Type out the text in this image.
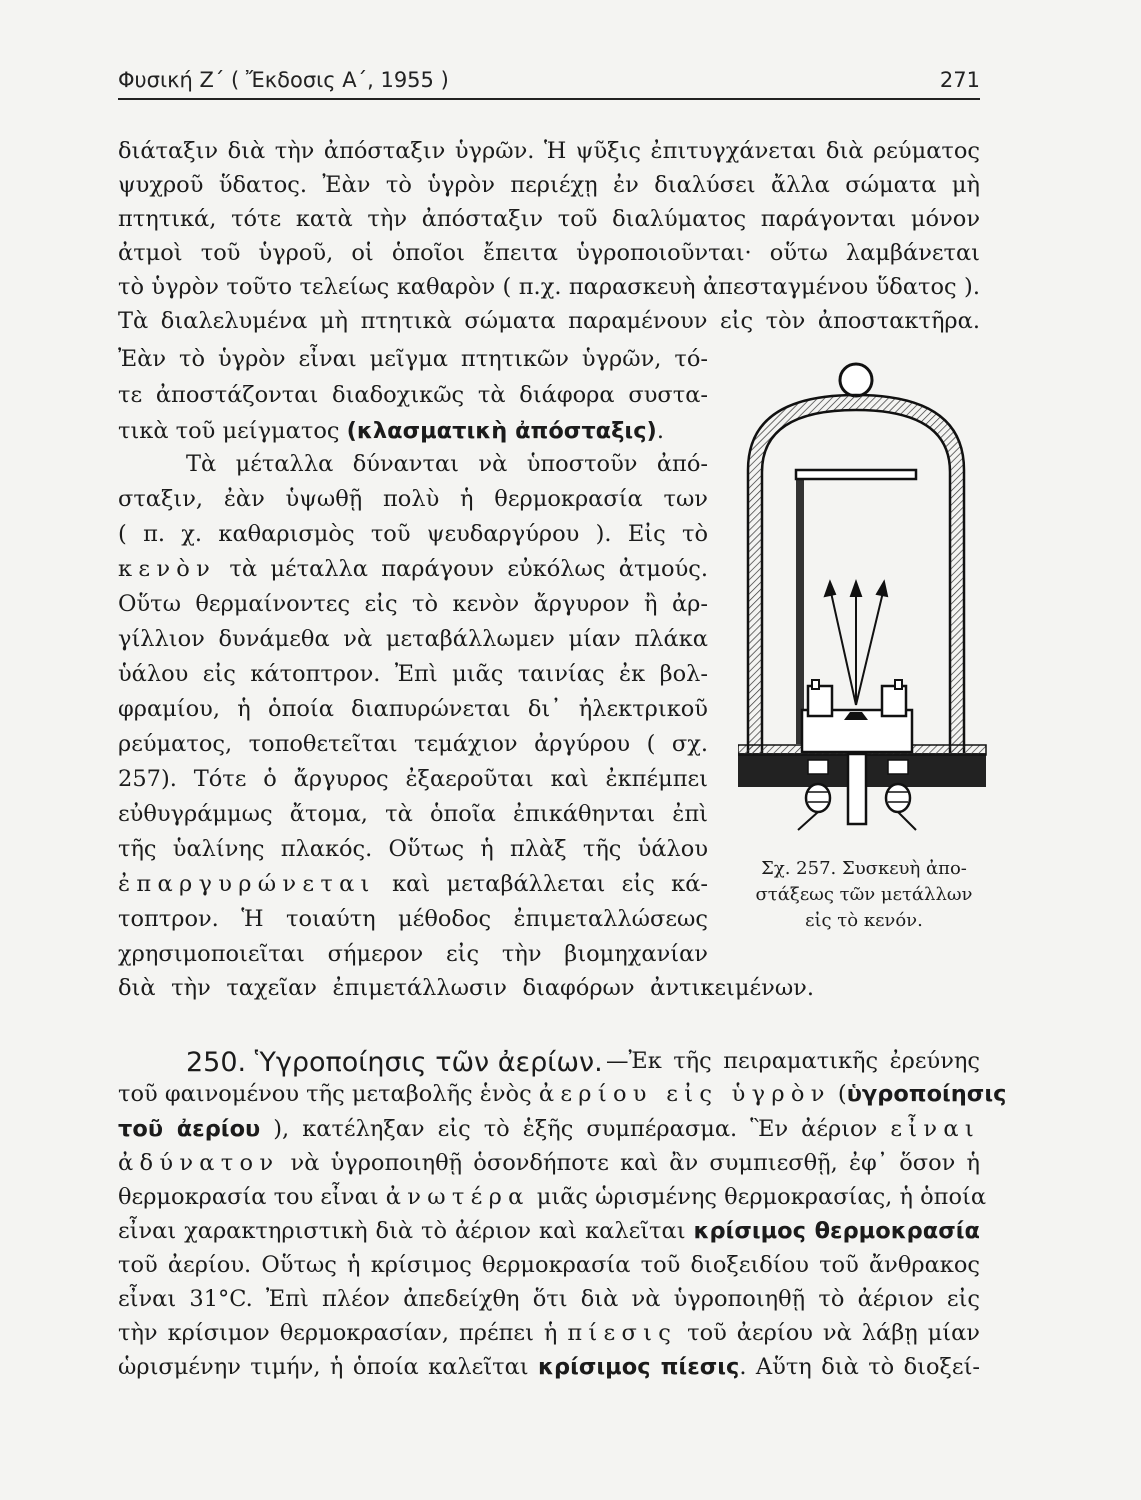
Φυσική Ζ΄ ( Ἔκδοσις Α΄, 1955 )	271
διάταξιν διὰ τὴν ἀπόσταξιν ὑγρῶν. Ἡ ψῦξις ἐπιτυγχάνεται διὰ ρεύματος
ψυχροῦ ὕδατος. Ἐὰν τὸ ὑγρὸν περιέχῃ ἐν διαλύσει ἄλλα σώματα μὴ
πτητικά, τότε κατὰ τὴν ἀπόσταξιν τοῦ διαλύματος παράγονται μόνον
ἀτμοὶ τοῦ ὑγροῦ, οἱ ὁποῖοι ἔπειτα ὑγροποιοῦνται· οὕτω λαμβάνεται
τὸ ὑγρὸν τοῦτο τελείως καθαρὸν ( π.χ. παρασκευὴ ἀπεσταγμένου ὕδατος ).
Τὰ διαλελυμένα μὴ πτητικὰ σώματα παραμένουν εἰς τὸν ἀποστακτῆρα.
Ἐὰν τὸ ὑγρὸν εἶναι μεῖγμα πτητικῶν ὑγρῶν, τό-
τε ἀποστάζονται διαδοχικῶς τὰ διάφορα συστα-
τικὰ τοῦ μείγματος (κλασματικὴ ἀπόσταξις).
Τὰ μέταλλα δύνανται νὰ ὑποστοῦν ἀπό-
σταξιν, ἐὰν ὑψωθῇ πολὺ ἡ θερμοκρασία των
( π. χ. καθαρισμὸς τοῦ ψευδαργύρου ). Εἰς τὸ
κενὸν τὰ μέταλλα παράγουν εὐκόλως ἀτμούς.
Οὕτω θερμαίνοντες εἰς τὸ κενὸν ἄργυρον ἢ ἀρ-
γίλλιον δυνάμεθα νὰ μεταβάλλωμεν μίαν πλάκα
ὑάλου εἰς κάτοπτρον. Ἐπὶ μιᾶς ταινίας ἐκ βολ-
φραμίου, ἡ ὁποία διαπυρώνεται δι᾿ ἠλεκτρικοῦ
ρεύματος, τοποθετεῖται τεμάχιον ἀργύρου ( σχ.
257). Τότε ὁ ἄργυρος ἐξαεροῦται καὶ ἐκπέμπει
εὐθυγράμμως ἄτομα, τὰ ὁποῖα ἐπικάθηνται ἐπὶ
τῆς ὑαλίνης πλακός. Οὕτως ἡ πλὰξ τῆς ὑάλου
ἐπαργυρώνεται καὶ μεταβάλλεται εἰς κά-
τοπτρον. Ἡ τοιαύτη μέθοδος ἐπιμεταλλώσεως
χρησιμοποιεῖται σήμερον εἰς τὴν βιομηχανίαν
διὰ τὴν ταχεῖαν ἐπιμετάλλωσιν διαφόρων ἀντικειμένων.
Σχ. 257. Συσκευὴ ἀπο-
στάξεως τῶν μετάλλων
εἰς τὸ κενόν.
250. Ὑγροποίησις τῶν ἀερίων. —Ἐκ τῆς πειραματικῆς ἐρεύνης
τοῦ φαινομένου τῆς μεταβολῆς ἑνὸς ἀερίου εἰς ὑγρὸν (ὑγροποίησις
τοῦ ἀερίου ), κατέληξαν εἰς τὸ ἑξῆς συμπέρασμα. Ἓν ἀέριον εἶναι
ἀδύνατον νὰ ὑγροποιηθῇ ὁσονδήποτε καὶ ἂν συμπιεσθῇ, ἐφ᾿ ὅσον ἡ
θερμοκρασία του εἶναι ἀνωτέρα μιᾶς ὡρισμένης θερμοκρασίας, ἡ ὁποία
εἶναι χαρακτηριστικὴ διὰ τὸ ἀέριον καὶ καλεῖται κρίσιμος θερμοκρασία
τοῦ ἀερίου. Οὕτως ἡ κρίσιμος θερμοκρασία τοῦ διοξειδίου τοῦ ἄνθρακος
εἶναι 31°C. Ἐπὶ πλέον ἀπεδείχθη ὅτι διὰ νὰ ὑγροποιηθῇ τὸ ἀέριον εἰς
τὴν κρίσιμον θερμοκρασίαν, πρέπει ἡ πίεσις τοῦ ἀερίου νὰ λάβῃ μίαν
ὡρισμένην τιμήν, ἡ ὁποία καλεῖται κρίσιμος πίεσις. Αὕτη διὰ τὸ διοξεί-
